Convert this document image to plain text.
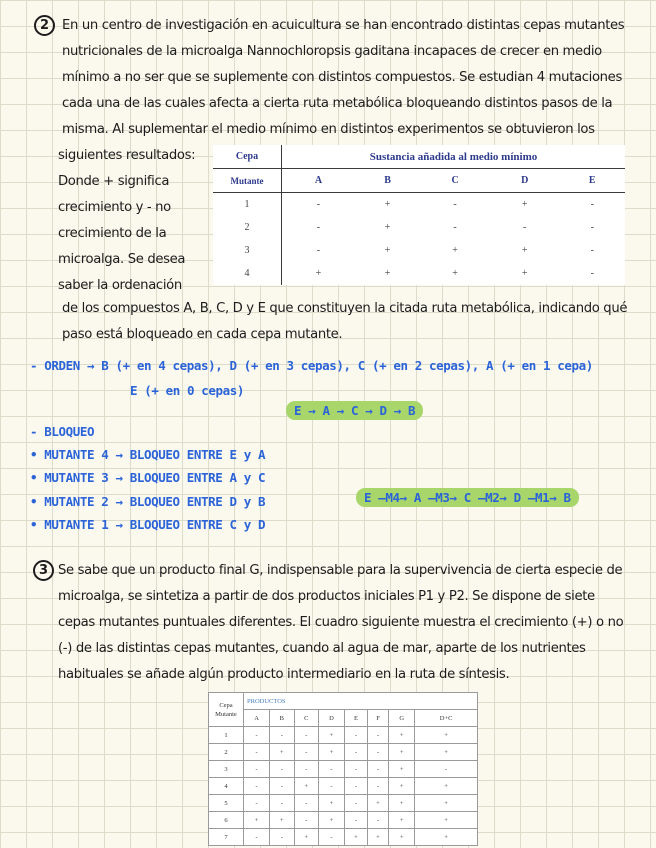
2 En un centro de investigación en acuicultura se han encontrado distintas cepas mutantes
nutricionales de la microalga Nannochloropsis gaditana incapaces de crecer en medio
mínimo a no ser que se suplemente con distintos compuestos. Se estudian 4 mutaciones
cada una de las cuales afecta a cierta ruta metabólica bloqueando distintos pasos de la
misma. Al suplementar el medio mínimo en distintos experimentos se obtuvieron los
siguientes resultados:
Donde + significa
crecimiento y - no
crecimiento de la
microalga. Se desea
saber la ordenación
Cepa	Sustancia añadida al medio mínimo				
Mutante	A	B	C	D	E
1	-	+	-	+	-
2	-	+	-	-	-
3	-	+	+	+	-
4	+	+	+	+	-
de los compuestos A, B, C, D y E que constituyen la citada ruta metabólica, indicando qué
paso está bloqueado en cada cepa mutante.
- ORDEN → B (+ en 4 cepas), D (+ en 3 cepas), C (+ en 2 cepas), A (+ en 1 cepa)
E (+ en 0 cepas)
E → A → C → D → B
- BLOQUEO
• MUTANTE 4 → BLOQUEO ENTRE E y A
• MUTANTE 3 → BLOQUEO ENTRE A y C
• MUTANTE 2 → BLOQUEO ENTRE D y B	E —M4→ A —M3→ C —M2→ D —M1→ B
• MUTANTE 1 → BLOQUEO ENTRE C y D
3 Se sabe que un producto final G, indispensable para la supervivencia de cierta especie de
microalga, se sintetiza a partir de dos productos iniciales P1 y P2. Se dispone de siete
cepas mutantes puntuales diferentes. El cuadro siguiente muestra el crecimiento (+) o no
(-) de las distintas cepas mutantes, cuando al agua de mar, aparte de los nutrientes
habituales se añade algún producto intermediario en la ruta de síntesis.
Cepa
Mutante	PRODUCTOS							
	A	B	C	D	E	F	G	D+C
1	-	-	-	+	-	-	+	+
2	-	+	-	+	-	-	+	+
3	-	-	-	-	-	-	+	-
4	-	-	+	-	-	-	+	+
5	-	-	-	+	-	+	+	+
6	+	+	-	+	-	-	+	+
7	-	-	+	-	+	+	+	+
